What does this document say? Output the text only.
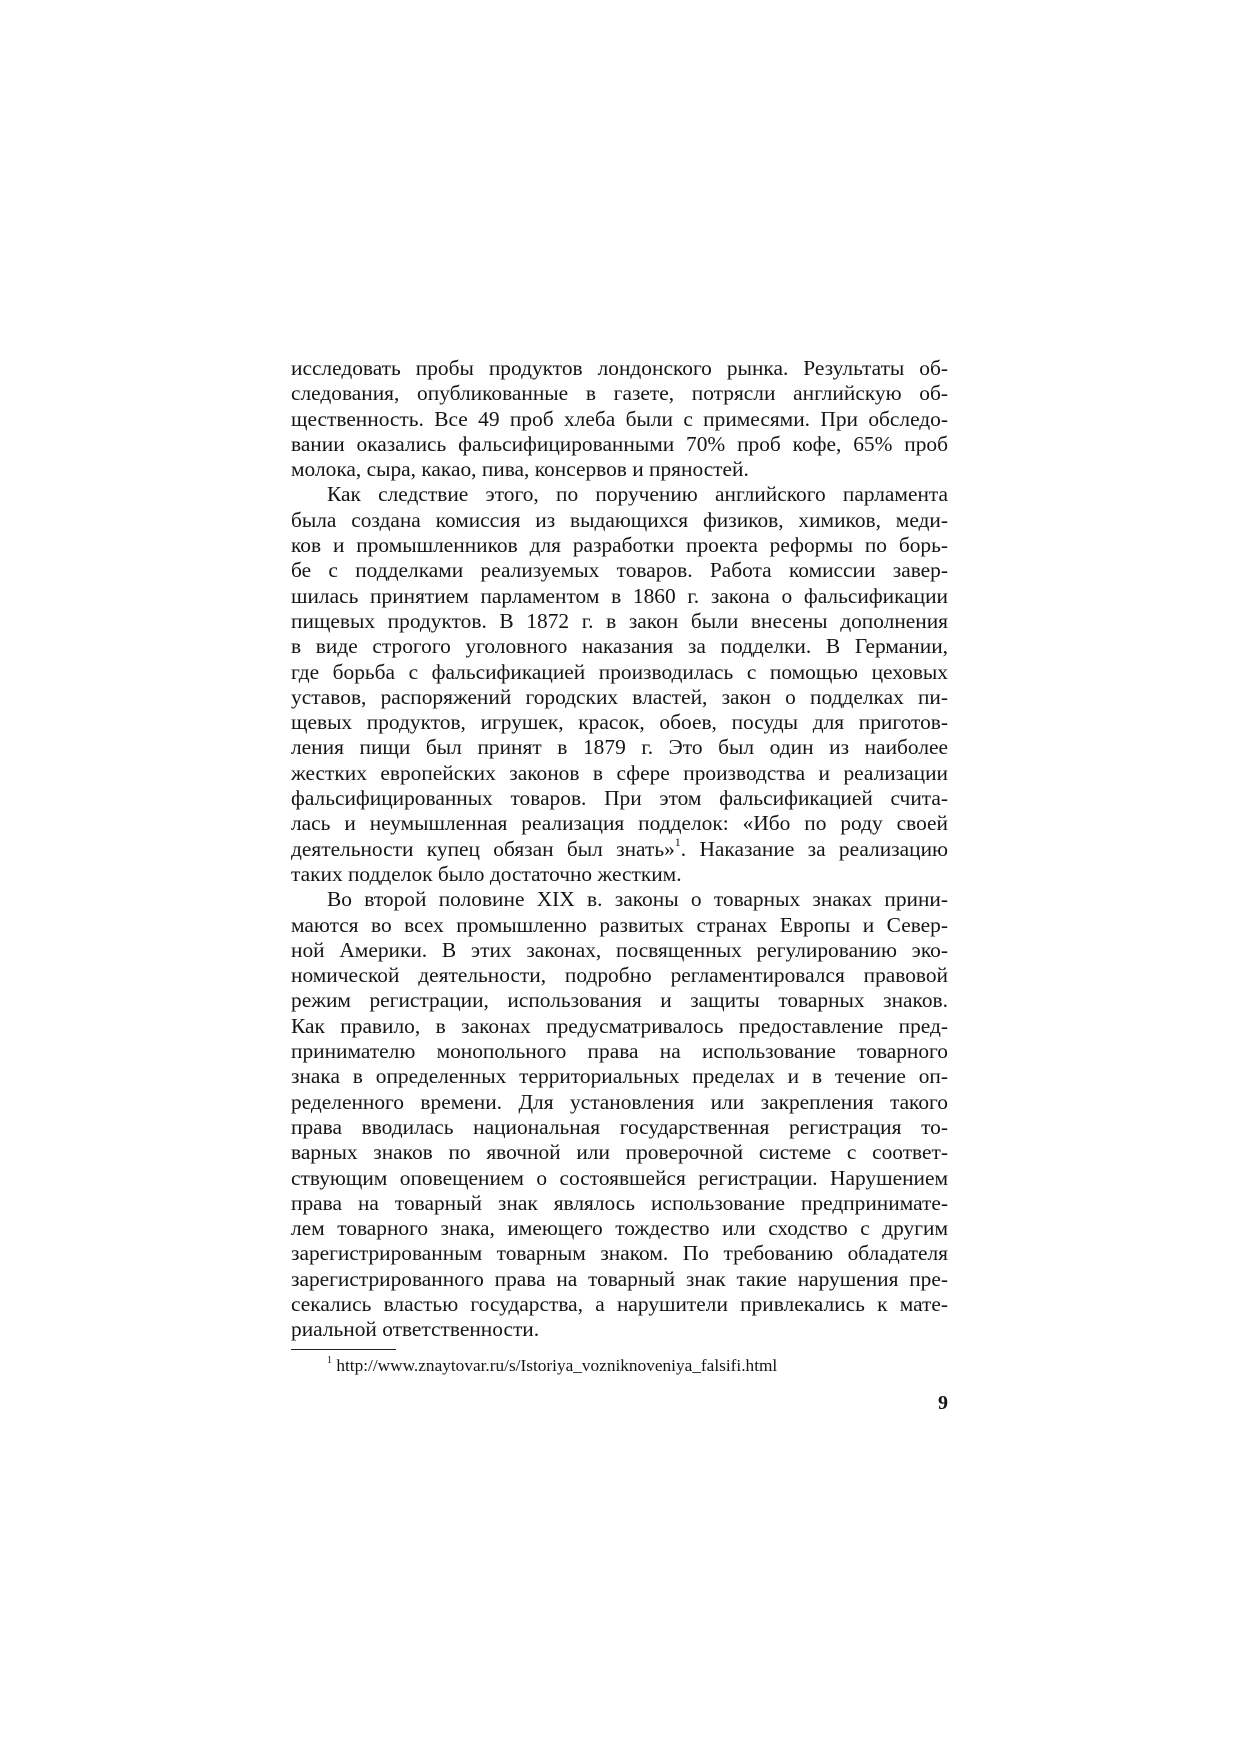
исследовать пробы продуктов лондонского рынка. Результаты об-
следования, опубликованные в газете, потрясли английскую об-
щественность. Все 49 проб хлеба были с примесями. При обследо-
вании оказались фальсифицированными 70% проб кофе, 65% проб
молока, сыра, какао, пива, консервов и пряностей.
Как следствие этого, по поручению английского парламента
была создана комиссия из выдающихся физиков, химиков, меди-
ков и промышленников для разработки проекта реформы по борь-
бе с подделками реализуемых товаров. Работа комиссии завер-
шилась принятием парламентом в 1860 г. закона о фальсификации
пищевых продуктов. В 1872 г. в закон были внесены дополнения
в виде строгого уголовного наказания за подделки. В Германии,
где борьба с фальсификацией производилась с помощью цеховых
уставов, распоряжений городских властей, закон о подделках пи-
щевых продуктов, игрушек, красок, обоев, посуды для приготов-
ления пищи был принят в 1879 г. Это был один из наиболее
жестких европейских законов в сфере производства и реализации
фальсифицированных товаров. При этом фальсификацией счита-
лась и неумышленная реализация подделок: «Ибо по роду своей
деятельности купец обязан был знать»$^1$. Наказание за реализацию
таких подделок было достаточно жестким.
Во второй половине XIX в. законы о товарных знаках прини-
маются во всех промышленно развитых странах Европы и Север-
ной Америки. В этих законах, посвященных регулированию эко-
номической деятельности, подробно регламентировался правовой
режим регистрации, использования и защиты товарных знаков.
Как правило, в законах предусматривалось предоставление пред-
принимателю монопольного права на использование товарного
знака в определенных территориальных пределах и в течение оп-
ределенного времени. Для установления или закрепления такого
права вводилась национальная государственная регистрация то-
варных знаков по явочной или проверочной системе с соответ-
ствующим оповещением о состоявшейся регистрации. Нарушением
права на товарный знак являлось использование предпринимате-
лем товарного знака, имеющего тождество или сходство с другим
зарегистрированным товарным знаком. По требованию обладателя
зарегистрированного права на товарный знак такие нарушения пре-
секались властью государства, а нарушители привлекались к мате-
риальной ответственности.
$^1$ http://www.znaytovar.ru/s/Istoriya_vozniknoveniya_falsifi.html
9
